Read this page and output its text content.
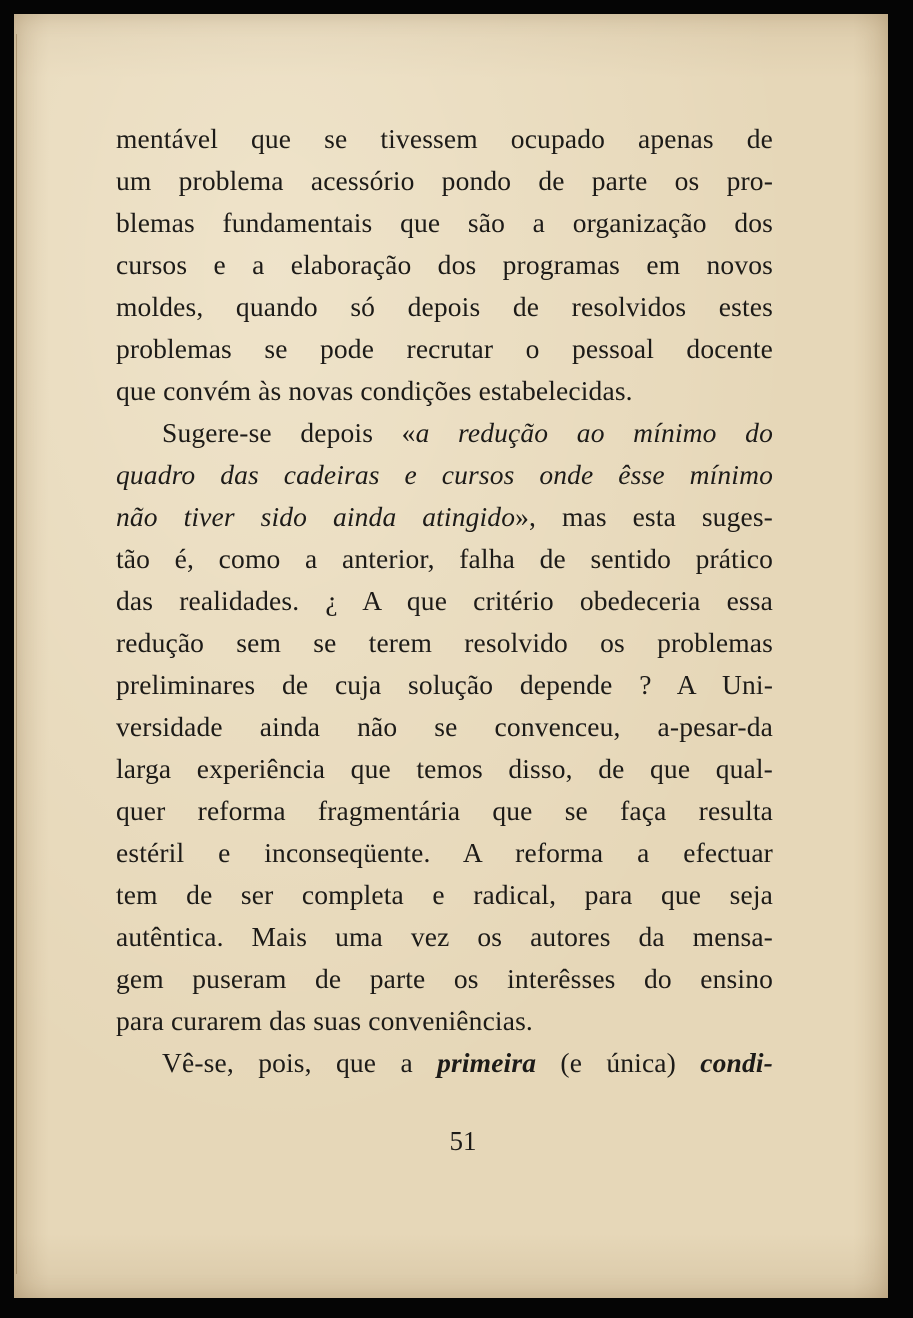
mentável que se tivessem ocupado apenas de
um problema acessório pondo de parte os pro-
blemas fundamentais que são a organização dos
cursos e a elaboração dos programas em novos
moldes, quando só depois de resolvidos estes
problemas se pode recrutar o pessoal docente
que convém às novas condições estabelecidas.
Sugere-se depois «a redução ao mínimo do
quadro das cadeiras e cursos onde êsse mínimo
não tiver sido ainda atingido», mas esta suges-
tão é, como a anterior, falha de sentido prático
das realidades. ¿ A que critério obedeceria essa
redução sem se terem resolvido os problemas
preliminares de cuja solução depende ? A Uni-
versidade ainda não se convenceu, a-pesar-da
larga experiência que temos disso, de que qual-
quer reforma fragmentária que se faça resulta
estéril e inconseqüente. A reforma a efectuar
tem de ser completa e radical, para que seja
autêntica. Mais uma vez os autores da mensa-
gem puseram de parte os interêsses do ensino
para curarem das suas conveniências.
Vê-se, pois, que a primeira (e única) condi-
51
